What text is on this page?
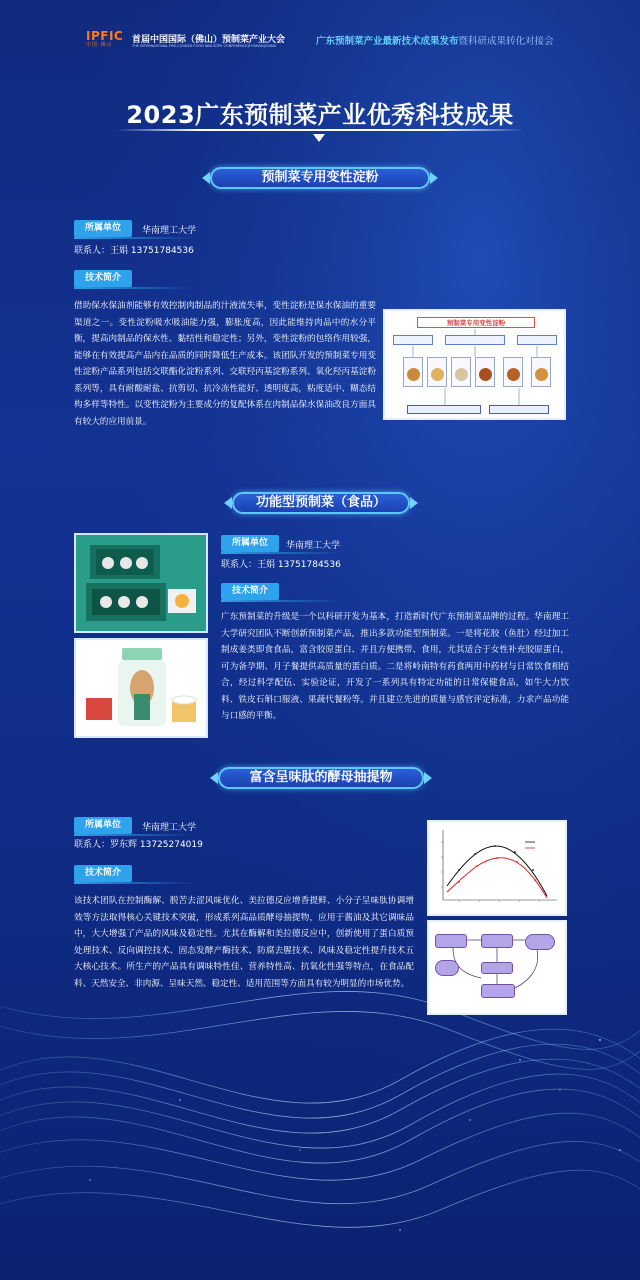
IPFIC
中国·佛山	首届中国国际（佛山）预制菜产业大会
THE INTERNATIONAL PRE-COOKED FOOD INDUSTRY CONFERENCE(FOSHAN)CHINA	广东预制菜产业最新技术成果发布暨科研成果转化对接会
2023广东预制菜产业优秀科技成果
预制菜专用变性淀粉
所属单位	华南理工大学
联系人：王娟 13751784536
技术简介
借助保水保油剂能够有效控制肉制品的汁液流失率，变性淀粉是保水保油的重要渠道之一。变性淀粉吸水吸油能力强，膨胀度高，因此能维持肉品中的水分平衡，提高肉制品的保水性、黏结性和稳定性；另外，变性淀粉的包络作用较强，能够在有效提高产品内在品质的同时降低生产成本。该团队开发的预制菜专用变性淀粉产品系列包括交联酯化淀粉系列、交联羟丙基淀粉系列、氧化羟丙基淀粉系列等，具有耐酸耐盐、抗剪切、抗冷冻性能好、透明度高，粘度适中、糊态结构多样等特性。以变性淀粉为主要成分的复配体系在肉制品保水保油改良方面具有较大的应用前景。
预制菜专用变性淀粉
功能型预制菜（食品）
所属单位	华南理工大学
联系人：王娟 13751784536
技术简介
广东预制菜的升级是一个以科研开发为基本，打造新时代广东预制菜品牌的过程。华南理工大学研究团队不断创新预制菜产品，推出多款功能型预制菜。一是将花胶（鱼肚）经过加工制成姜类即食食品，富含胶原蛋白、并且方便携带、食用，尤其适合于女性补充胶原蛋白，可为备孕期、月子餐提供高质量的蛋白质。二是将岭南特有药食两用中药材与日常饮食相结合，经过科学配伍、实验论证，开发了一系列具有特定功能的日常保健食品，如牛大力饮料、铁皮石斛口服液、果蔬代餐粉等。并且建立先进的质量与感官评定标准，力求产品功能与口感的平衡。
富含呈味肽的酵母抽提物
所属单位	华南理工大学
联系人：罗东辉 13725274019
技术简介
该技术团队在控制酶解、脱苦去涩风味优化、美拉德反应增香提鲜、小分子呈味肽协调增效等方法取得核心关键技术突破，形成系列高品质酵母抽提物，应用于酱油及其它调味品中，大大增强了产品的风味及稳定性。尤其在酶解和美拉德反应中，创新使用了蛋白质预处理技术、反向调控技术、固态发酵产酶技术、防腐去腥技术、风味及稳定性提升技术五大核心技术。所生产的产品具有调味特性佳、营养特性高、抗氧化性强等特点，在食品配料、天然安全、非肉源、呈味天然、稳定性、适用范围等方面具有较为明显的市场优势。
